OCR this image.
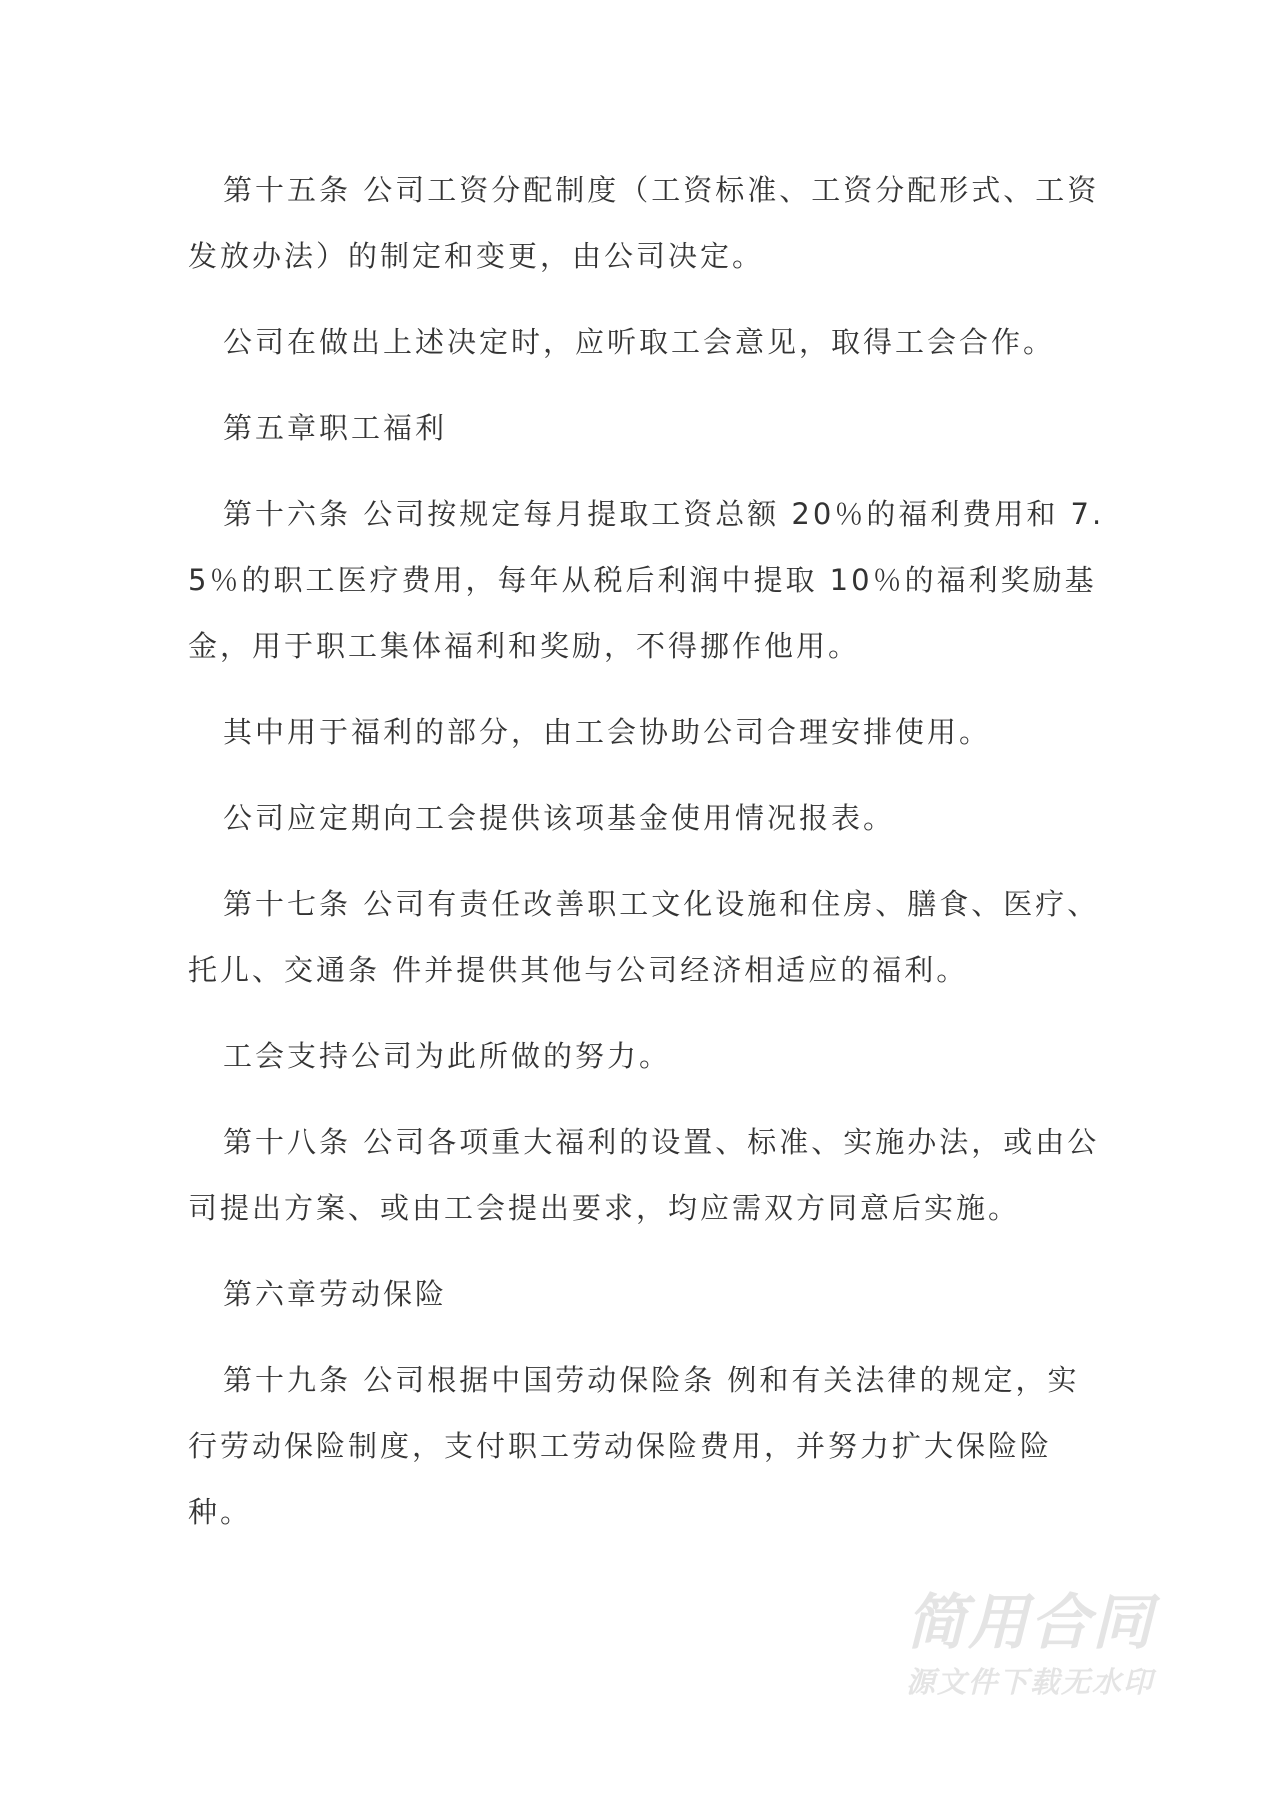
第十五条 公司工资分配制度（工资标准、工资分配形式、工资发放办法）的制定和变更，由公司决定。

公司在做出上述决定时，应听取工会意见，取得工会合作。

第五章职工福利

第十六条 公司按规定每月提取工资总额 20％的福利费用和 7.5％的职工医疗费用，每年从税后利润中提取 10％的福利奖励基金，用于职工集体福利和奖励，不得挪作他用。

其中用于福利的部分，由工会协助公司合理安排使用。

公司应定期向工会提供该项基金使用情况报表。

第十七条 公司有责任改善职工文化设施和住房、膳食、医疗、托儿、交通条 件并提供其他与公司经济相适应的福利。

工会支持公司为此所做的努力。

第十八条 公司各项重大福利的设置、标准、实施办法，或由公司提出方案、或由工会提出要求，均应需双方同意后实施。

第六章劳动保险

第十九条 公司根据中国劳动保险条 例和有关法律的规定，实行劳动保险制度，支付职工劳动保险费用，并努力扩大保险险种。

简用合同
源文件下载无水印
